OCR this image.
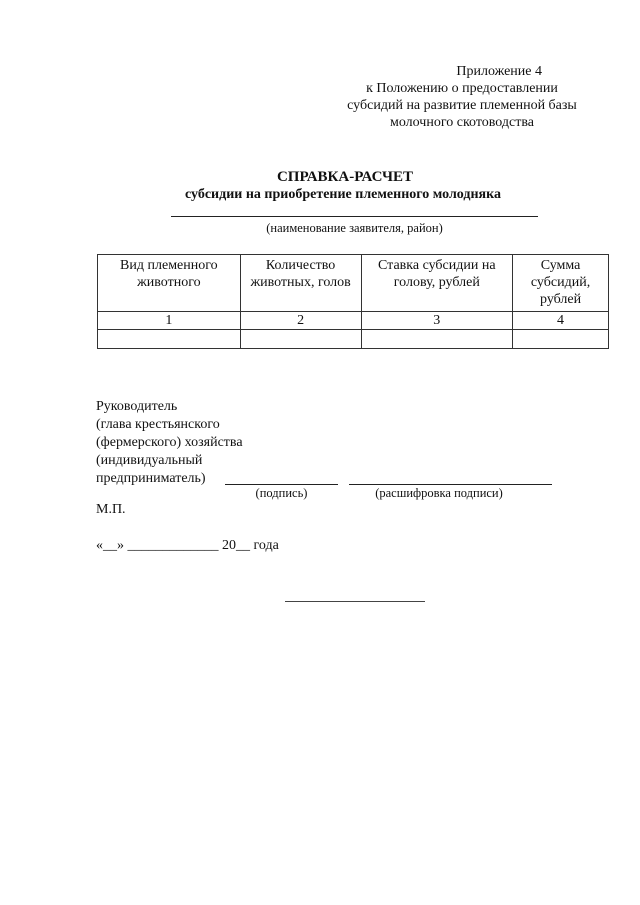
Приложение 4
к Положению о предоставлении
субсидий на развитие племенной базы
молочного скотоводства
СПРАВКА-РАСЧЕТ
субсидии на приобретение племенного молодняка
(наименование заявителя, район)
Вид племенного животного	Количество животных, голов	Ставка субсидии на голову, рублей	Сумма субсидий, рублей
1	2	3	4

Руководитель
(глава крестьянского
(фермерского) хозяйства
(индивидуальный
предприниматель)
(подпись)	(расшифровка подписи)
М.П.
«__» _____________ 20__ года
